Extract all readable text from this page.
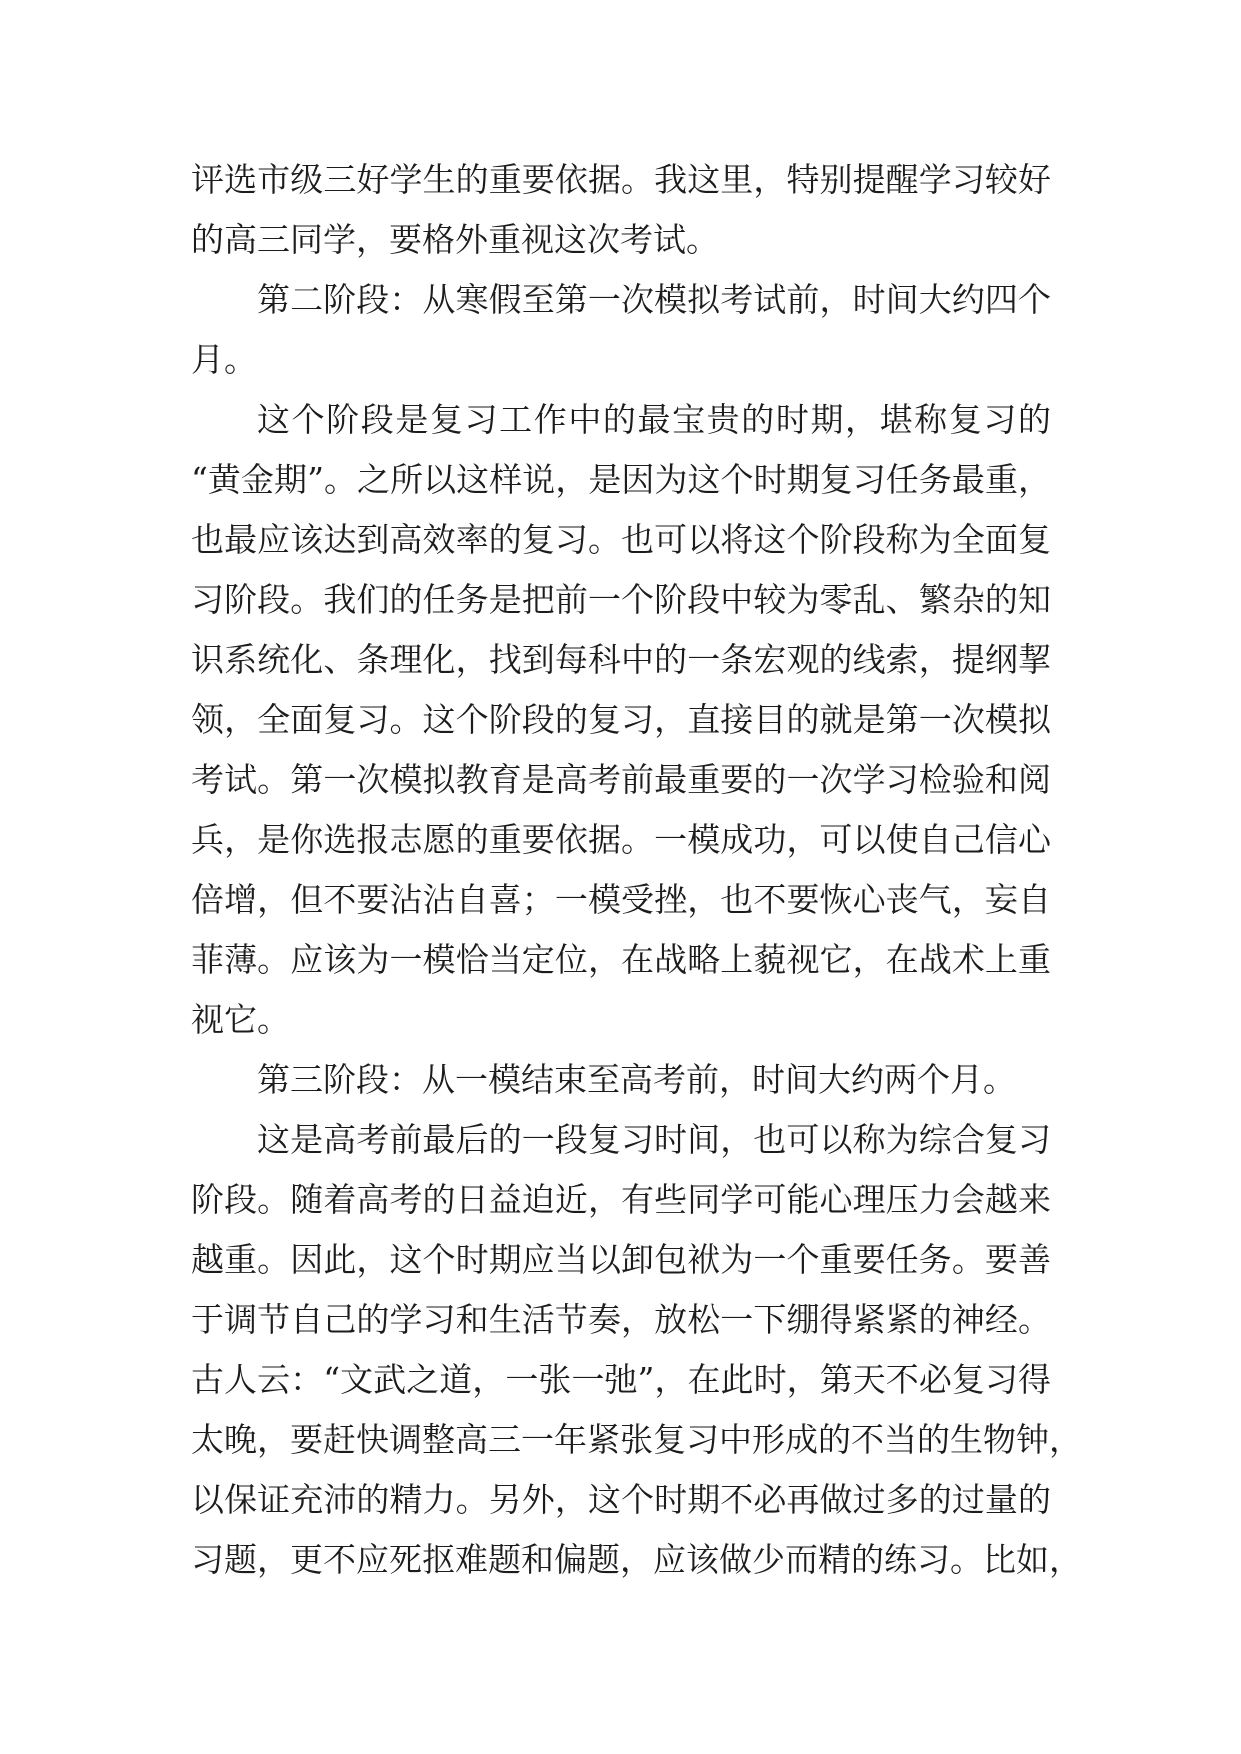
评选市级三好学生的重要依据。我这里，特别提醒学习较好
的高三同学，要格外重视这次考试。
第二阶段：从寒假至第一次模拟考试前，时间大约四个
月。
这个阶段是复习工作中的最宝贵的时期，堪称复习的
“黄金期”。之所以这样说，是因为这个时期复习任务最重，
也最应该达到高效率的复习。也可以将这个阶段称为全面复
习阶段。我们的任务是把前一个阶段中较为零乱、繁杂的知
识系统化、条理化，找到每科中的一条宏观的线索，提纲挈
领，全面复习。这个阶段的复习，直接目的就是第一次模拟
考试。第一次模拟教育是高考前最重要的一次学习检验和阅
兵，是你选报志愿的重要依据。一模成功，可以使自己信心
倍增，但不要沾沾自喜；一模受挫，也不要恢心丧气，妄自
菲薄。应该为一模恰当定位，在战略上藐视它，在战术上重
视它。
第三阶段：从一模结束至高考前，时间大约两个月。
这是高考前最后的一段复习时间，也可以称为综合复习
阶段。随着高考的日益迫近，有些同学可能心理压力会越来
越重。因此，这个时期应当以卸包袱为一个重要任务。要善
于调节自己的学习和生活节奏，放松一下绷得紧紧的神经。
古人云：“文武之道，一张一弛”，在此时，第天不必复习得
太晚，要赶快调整高三一年紧张复习中形成的不当的生物钟，
以保证充沛的精力。另外，这个时期不必再做过多的过量的
习题，更不应死抠难题和偏题，应该做少而精的练习。比如，
